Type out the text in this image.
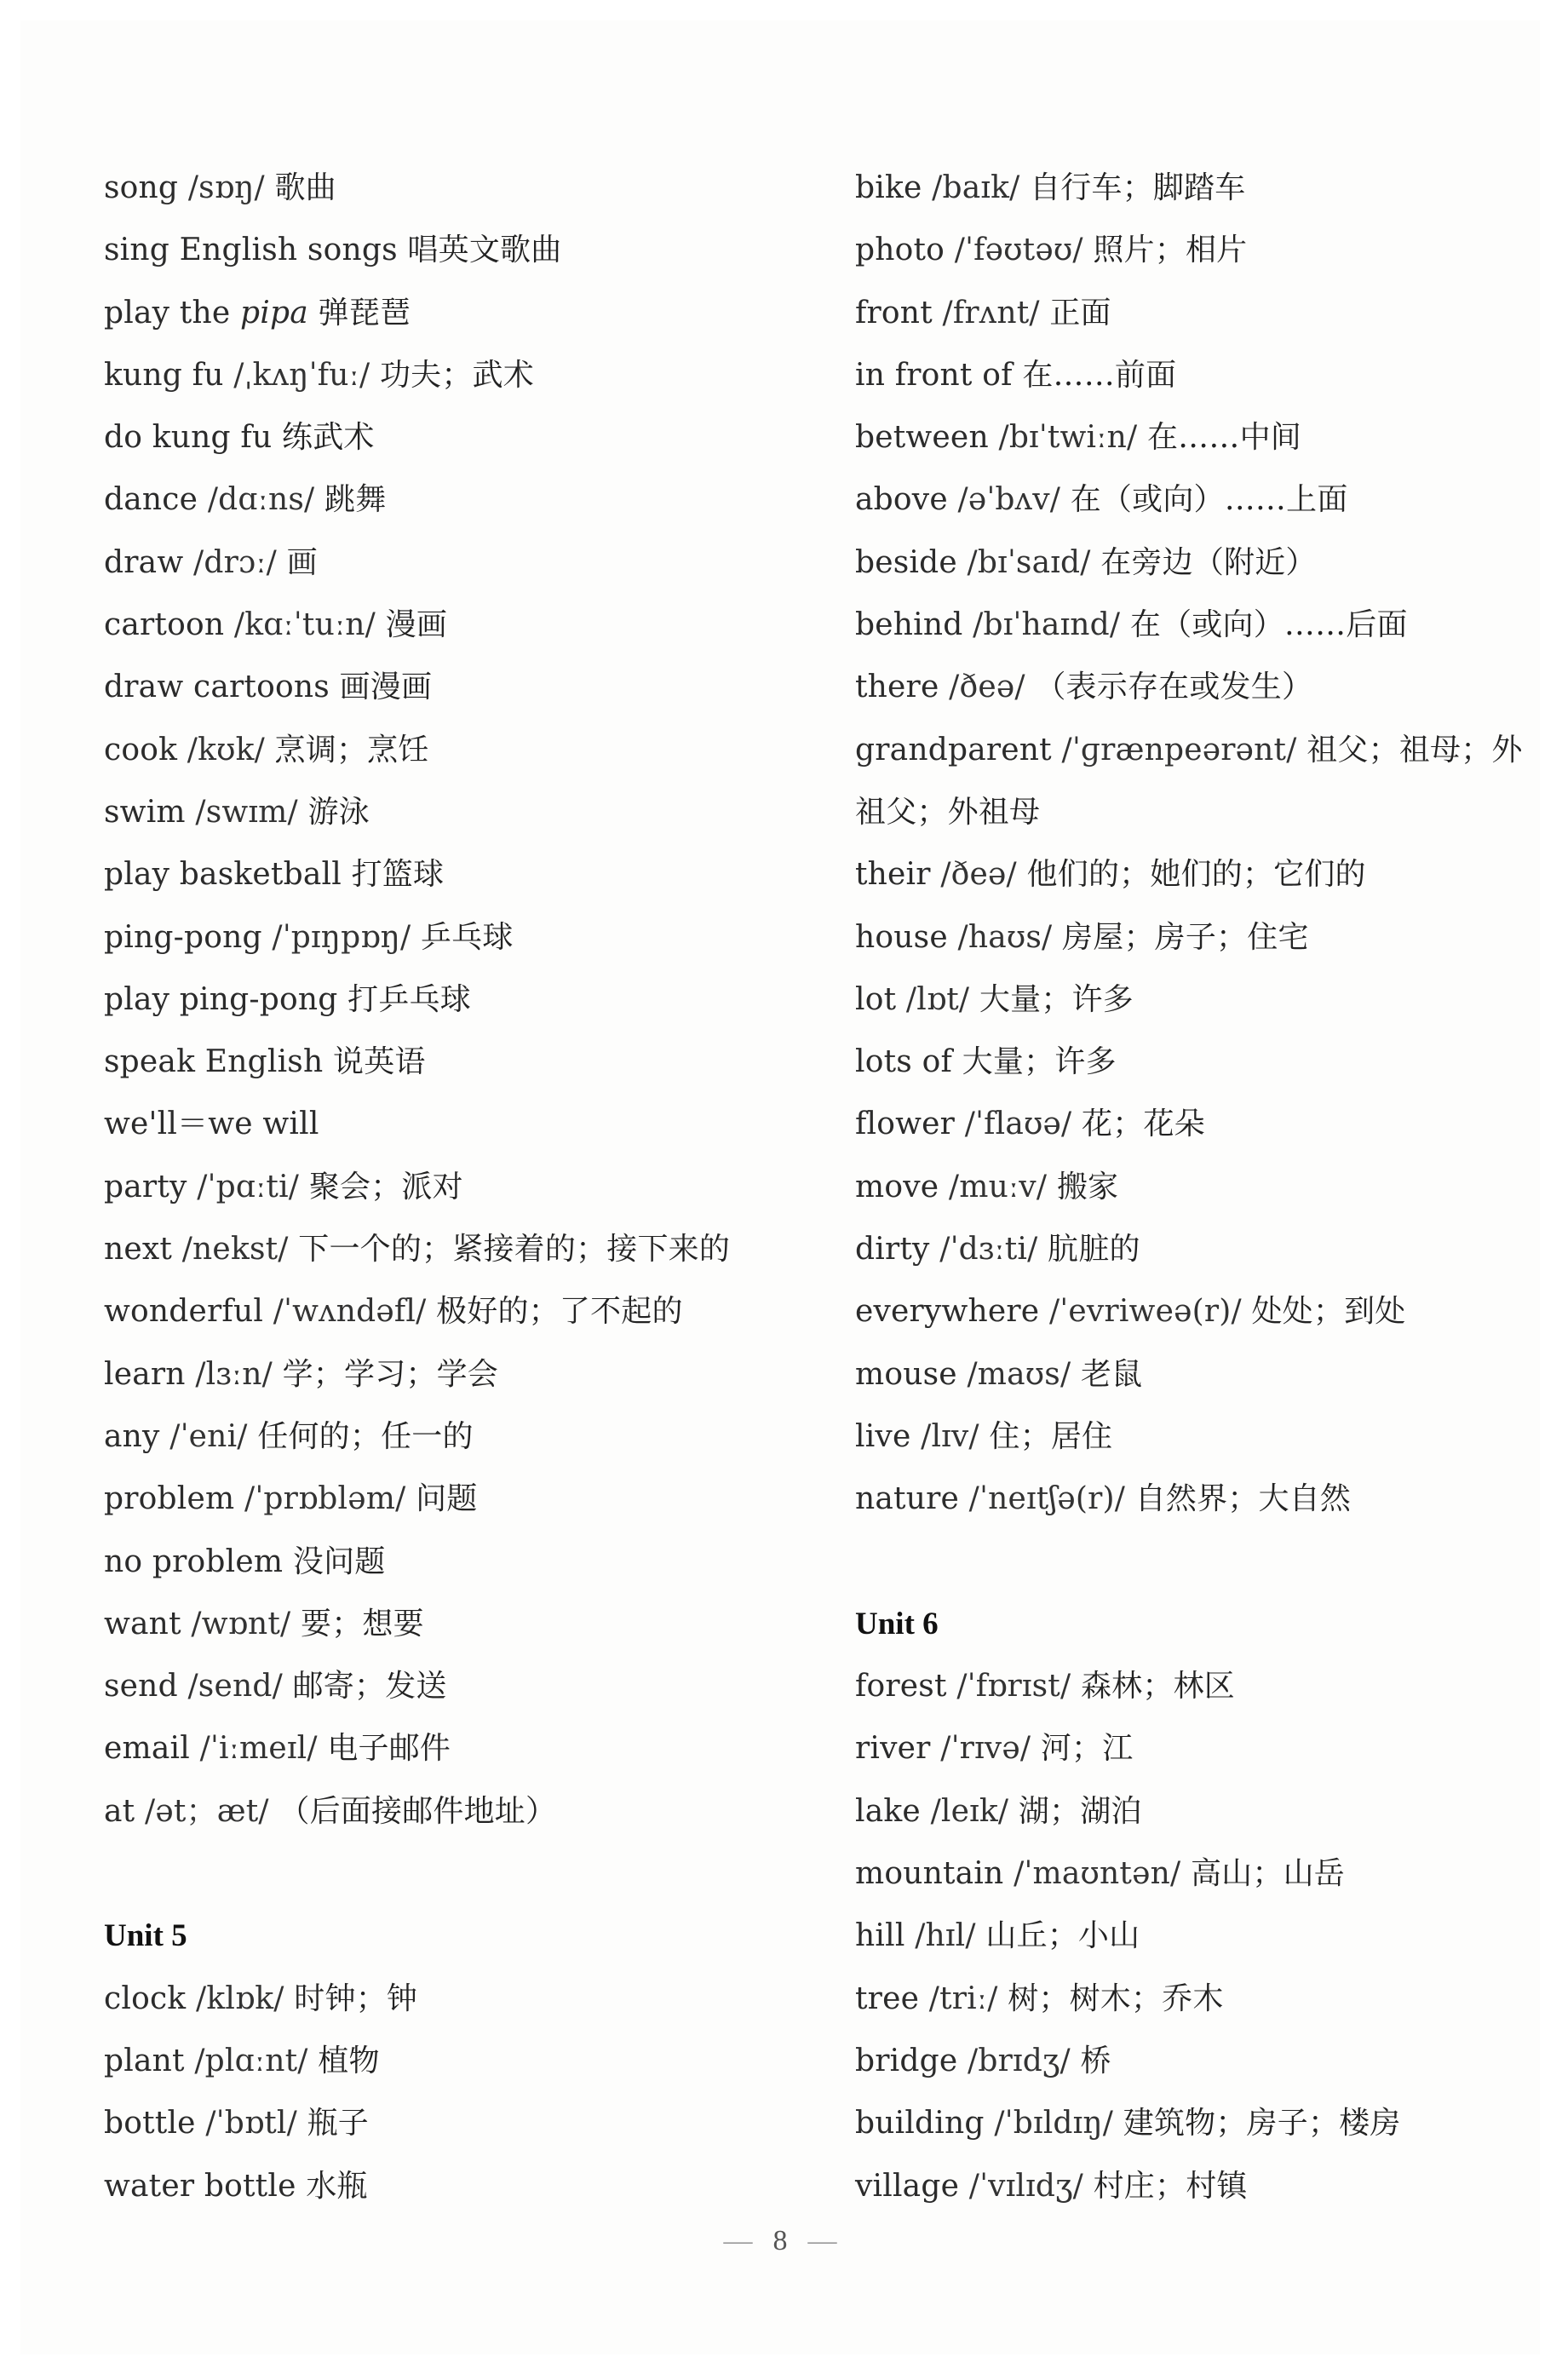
song /sɒŋ/ 歌曲
sing English songs 唱英文歌曲
play the pipa 弹琵琶
kung fu /ˌkʌŋˈfuː/ 功夫；武术
do kung fu 练武术
dance /dɑːns/ 跳舞
draw /drɔː/ 画
cartoon /kɑːˈtuːn/ 漫画
draw cartoons 画漫画
cook /kʊk/ 烹调；烹饪
swim /swɪm/ 游泳
play basketball 打篮球
ping-pong /ˈpɪŋpɒŋ/ 乒乓球
play ping-pong 打乒乓球
speak English 说英语
we'll＝we will
party /ˈpɑːti/ 聚会；派对
next /nekst/ 下一个的；紧接着的；接下来的
wonderful /ˈwʌndəfl/ 极好的；了不起的
learn /lɜːn/ 学；学习；学会
any /ˈeni/ 任何的；任一的
problem /ˈprɒbləm/ 问题
no problem 没问题
want /wɒnt/ 要；想要
send /send/ 邮寄；发送
email /ˈiːmeɪl/ 电子邮件
at /ət；æt/ （后面接邮件地址）
Unit 5
clock /klɒk/ 时钟；钟
plant /plɑːnt/ 植物
bottle /ˈbɒtl/ 瓶子
water bottle 水瓶
bike /baɪk/ 自行车；脚踏车
photo /ˈfəʊtəʊ/ 照片；相片
front /frʌnt/ 正面
in front of 在……前面
between /bɪˈtwiːn/ 在……中间
above /əˈbʌv/ 在（或向）……上面
beside /bɪˈsaɪd/ 在旁边（附近）
behind /bɪˈhaɪnd/ 在（或向）……后面
there /ðeə/ （表示存在或发生）
grandparent /ˈɡrænpeərənt/ 祖父；祖母；外祖父；外祖母
their /ðeə/ 他们的；她们的；它们的
house /haʊs/ 房屋；房子；住宅
lot /lɒt/ 大量；许多
lots of 大量；许多
flower /ˈflaʊə/ 花；花朵
move /muːv/ 搬家
dirty /ˈdɜːti/ 肮脏的
everywhere /ˈevriweə(r)/ 处处；到处
mouse /maʊs/ 老鼠
live /lɪv/ 住；居住
nature /ˈneɪtʃə(r)/ 自然界；大自然
Unit 6
forest /ˈfɒrɪst/ 森林；林区
river /ˈrɪvə/ 河；江
lake /leɪk/ 湖；湖泊
mountain /ˈmaʊntən/ 高山；山岳
hill /hɪl/ 山丘；小山
tree /triː/ 树；树木；乔木
bridge /brɪdʒ/ 桥
building /ˈbɪldɪŋ/ 建筑物；房子；楼房
village /ˈvɪlɪdʒ/ 村庄；村镇
— 8 —
